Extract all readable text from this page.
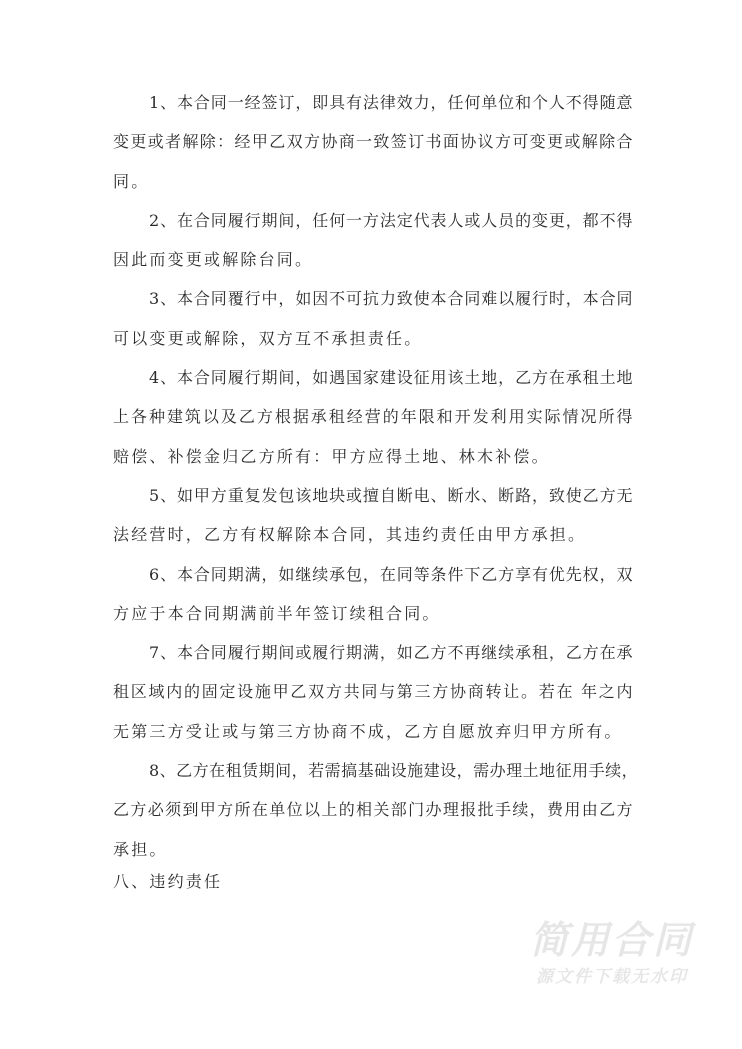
1、本合同一经签订，即具有法律效力，任何单位和个人不得随意
变更或者解除：经甲乙双方协商一致签订书面协议方可变更或解除合
同。
2、在合同履行期间，任何一方法定代表人或人员的变更，都不得
因此而变更或解除台同。
3、本合同覆行中，如因不可抗力致使本合同难以履行时，本合同
可以变更或解除，双方互不承担责任。
4、本合同履行期间，如遇国家建设征用该土地，乙方在承租土地
上各种建筑以及乙方根据承租经营的年限和开发利用实际情况所得
赔偿、补偿金归乙方所有：甲方应得土地、林木补偿。
5、如甲方重复发包该地块或擅自断电、断水、断路，致使乙方无
法经营时，乙方有权解除本合同，其违约责任由甲方承担。
6、本合同期满，如继续承包，在同等条件下乙方享有优先权，双
方应于本合同期满前半年签订续租合同。
7、本合同履行期间或履行期满，如乙方不再继续承租，乙方在承
租区域内的固定设施甲乙双方共同与第三方协商转让。若在 年之内
无第三方受让或与第三方协商不成，乙方自愿放弃归甲方所有。
8、乙方在租赁期间，若需搞基础设施建设，需办理土地征用手续，
乙方必须到甲方所在单位以上的相关部门办理报批手续，费用由乙方
承担。
八、违约责任
简用合同
源文件下载无水印
